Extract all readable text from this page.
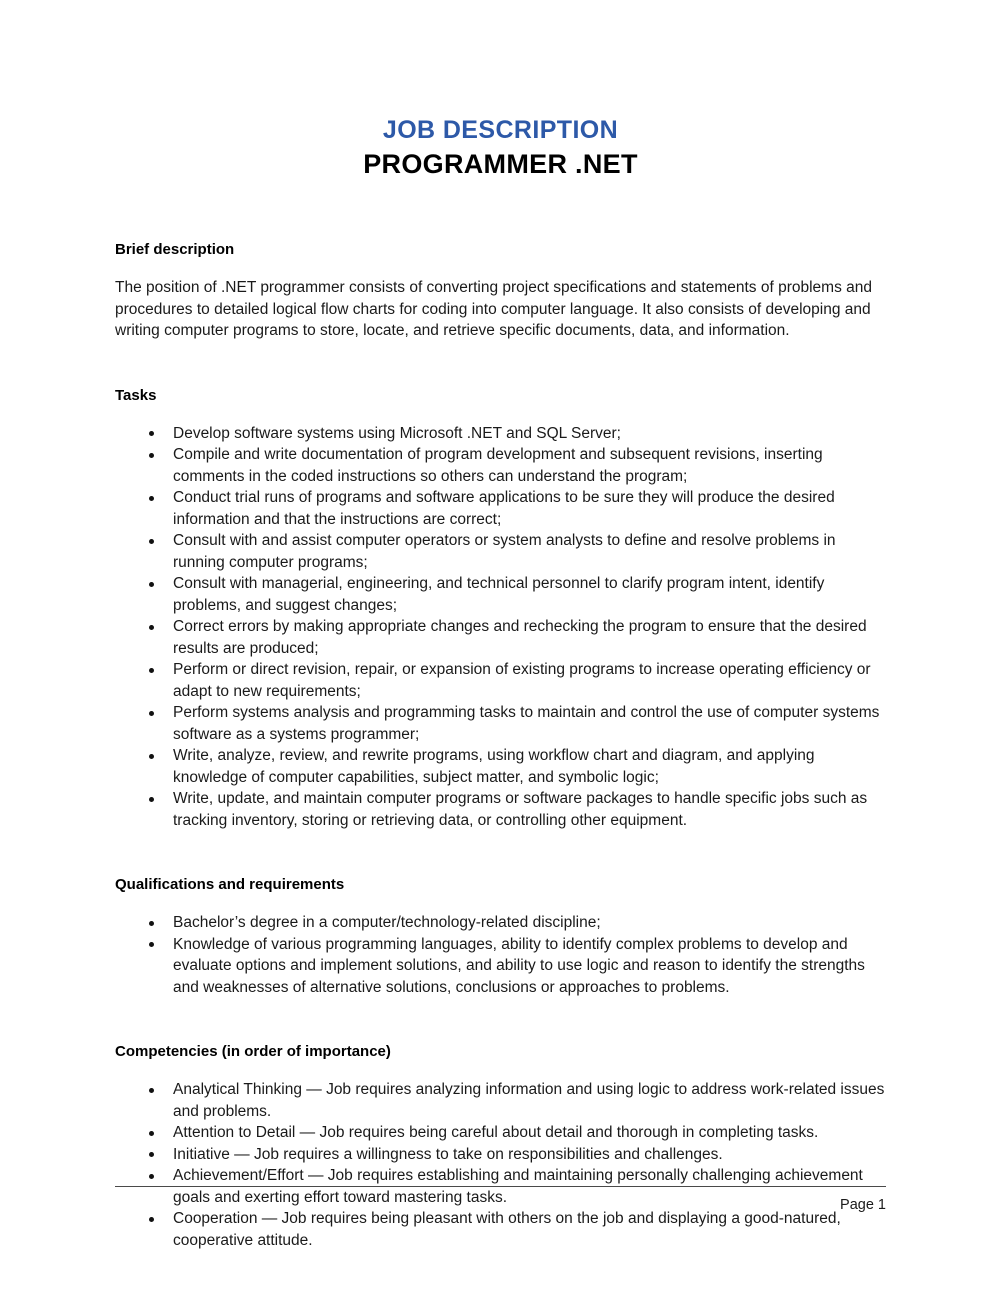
JOB DESCRIPTION
PROGRAMMER .NET
Brief description
The position of .NET programmer consists of converting project specifications and statements of problems and procedures to detailed logical flow charts for coding into computer language. It also consists of developing and writing computer programs to store, locate, and retrieve specific documents, data, and information.
Tasks
Develop software systems using Microsoft .NET and SQL Server;
Compile and write documentation of program development and subsequent revisions, inserting comments in the coded instructions so others can understand the program;
Conduct trial runs of programs and software applications to be sure they will produce the desired information and that the instructions are correct;
Consult with and assist computer operators or system analysts to define and resolve problems in running computer programs;
Consult with managerial, engineering, and technical personnel to clarify program intent, identify problems, and suggest changes;
Correct errors by making appropriate changes and rechecking the program to ensure that the desired results are produced;
Perform or direct revision, repair, or expansion of existing programs to increase operating efficiency or adapt to new requirements;
Perform systems analysis and programming tasks to maintain and control the use of computer systems software as a systems programmer;
Write, analyze, review, and rewrite programs, using workflow chart and diagram, and applying knowledge of computer capabilities, subject matter, and symbolic logic;
Write, update, and maintain computer programs or software packages to handle specific jobs such as tracking inventory, storing or retrieving data, or controlling other equipment.
Qualifications and requirements
Bachelor’s degree in a computer/technology-related discipline;
Knowledge of various programming languages, ability to identify complex problems to develop and evaluate options and implement solutions, and ability to use logic and reason to identify the strengths and weaknesses of alternative solutions, conclusions or approaches to problems.
Competencies (in order of importance)
Analytical Thinking — Job requires analyzing information and using logic to address work-related issues and problems.
Attention to Detail — Job requires being careful about detail and thorough in completing tasks.
Initiative — Job requires a willingness to take on responsibilities and challenges.
Achievement/Effort — Job requires establishing and maintaining personally challenging achievement goals and exerting effort toward mastering tasks.
Cooperation — Job requires being pleasant with others on the job and displaying a good-natured, cooperative attitude.
Page 1
